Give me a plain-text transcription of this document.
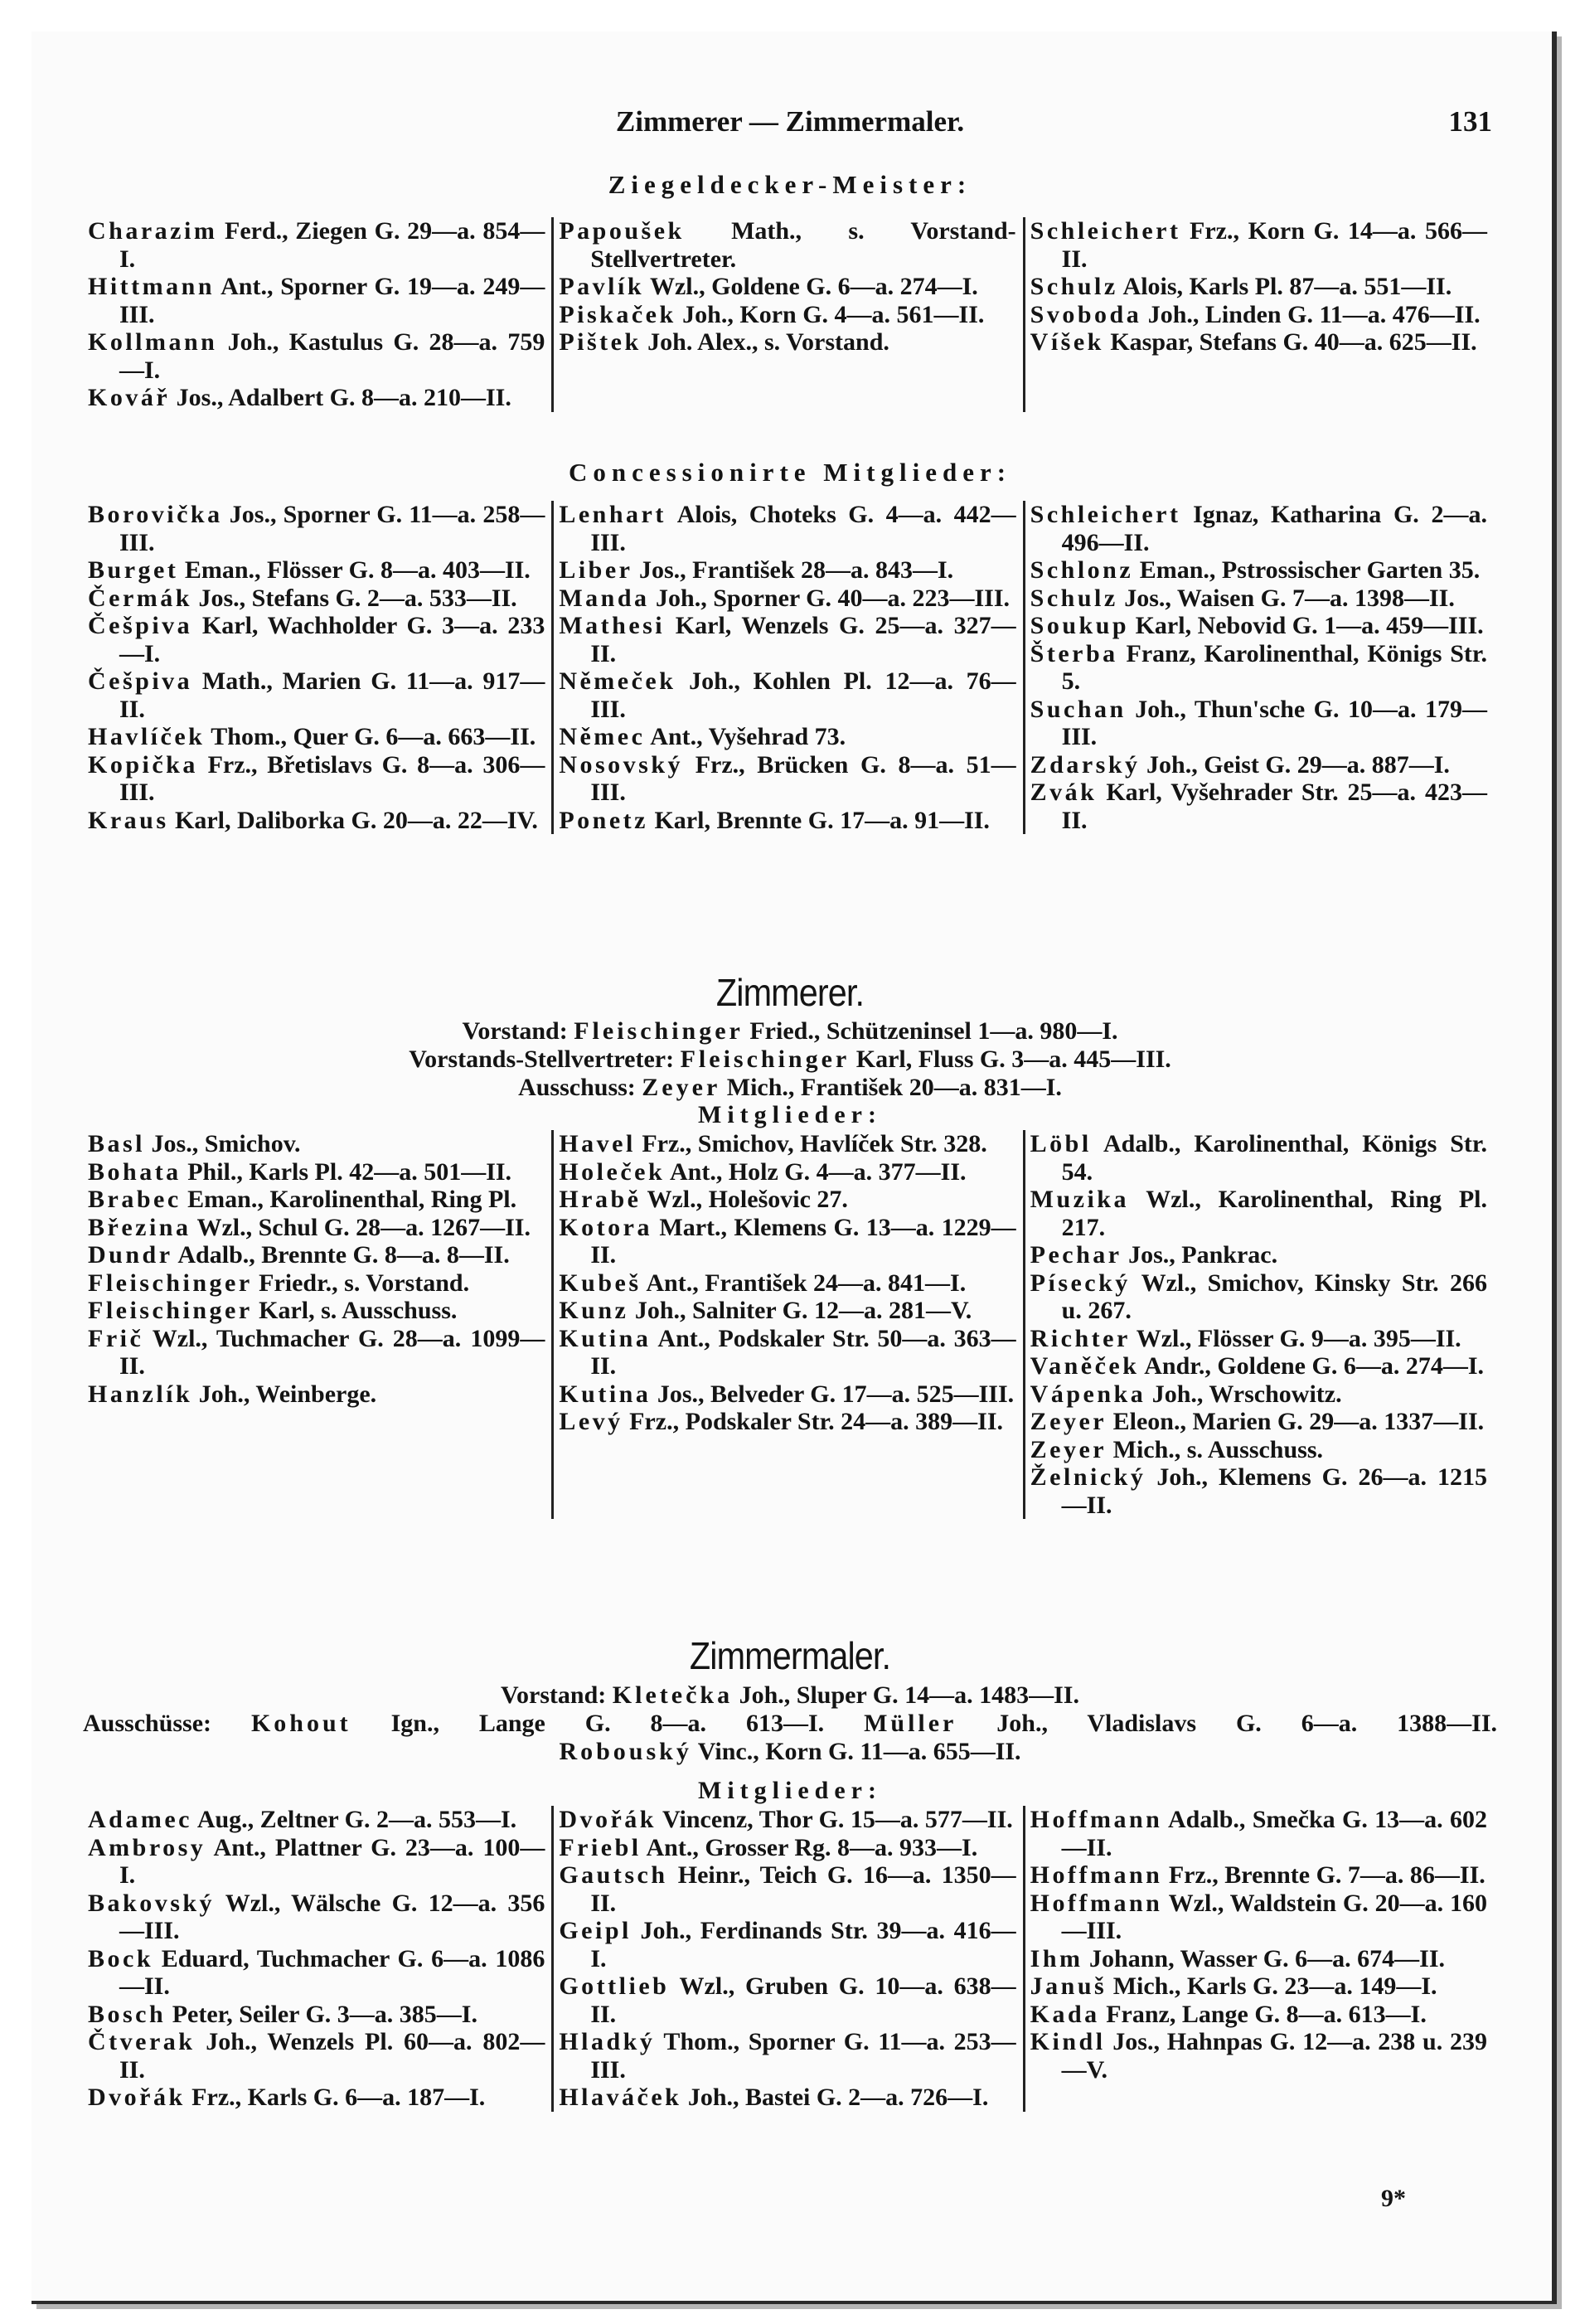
Zimmerer — Zimmermaler.	131
Ziegeldecker-Meister:
Charazim Ferd., Ziegen G. 29—a. 854—I.
Hittmann Ant., Sporner G. 19—a. 249—III.
Kollmann Joh., Kastulus G. 28—a. 759—I.
Kovář Jos., Adalbert G. 8—a. 210—II.
Papoušek Math., s. Vorstand-Stellvertreter.
Pavlík Wzl., Goldene G. 6—a. 274—I.
Piskaček Joh., Korn G. 4—a. 561—II.
Pištek Joh. Alex., s. Vorstand.
Schleichert Frz., Korn G. 14—a. 566—II.
Schulz Alois, Karls Pl. 87—a. 551—II.
Svoboda Joh., Linden G. 11—a. 476—II.
Víšek Kaspar, Stefans G. 40—a. 625—II.
Concessionirte Mitglieder:
Borovička Jos., Sporner G. 11—a. 258—III.
Burget Eman., Flösser G. 8—a. 403—II.
Čermák Jos., Stefans G. 2—a. 533—II.
Češpiva Karl, Wachholder G. 3—a. 233—I.
Češpiva Math., Marien G. 11—a. 917—II.
Havlíček Thom., Quer G. 6—a. 663—II.
Kopička Frz., Břetislavs G. 8—a. 306—III.
Kraus Karl, Daliborka G. 20—a. 22—IV.
Lenhart Alois, Choteks G. 4—a. 442—III.
Liber Jos., František 28—a. 843—I.
Manda Joh., Sporner G. 40—a. 223—III.
Mathesi Karl, Wenzels G. 25—a. 327—II.
Němeček Joh., Kohlen Pl. 12—a. 76—III.
Němec Ant., Vyšehrad 73.
Nosovský Frz., Brücken G. 8—a. 51—III.
Ponetz Karl, Brennte G. 17—a. 91—II.
Schleichert Ignaz, Katharina G. 2—a. 496—II.
Schlonz Eman., Pstrossischer Garten 35.
Schulz Jos., Waisen G. 7—a. 1398—II.
Soukup Karl, Nebovid G. 1—a. 459—III.
Šterba Franz, Karolinenthal, Königs Str. 5.
Suchan Joh., Thun'sche G. 10—a. 179—III.
Zdarský Joh., Geist G. 29—a. 887—I.
Zvák Karl, Vyšehrader Str. 25—a. 423—II.
Zimmerer.
Vorstand: Fleischinger Fried., Schützeninsel 1—a. 980—I.
Vorstands-Stellvertreter: Fleischinger Karl, Fluss G. 3—a. 445—III.
Ausschuss: Zeyer Mich., František 20—a. 831—I.
Mitglieder:
Basl Jos., Smichov.
Bohata Phil., Karls Pl. 42—a. 501—II.
Brabec Eman., Karolinenthal, Ring Pl.
Březina Wzl., Schul G. 28—a. 1267—II.
Dundr Adalb., Brennte G. 8—a. 8—II.
Fleischinger Friedr., s. Vorstand.
Fleischinger Karl, s. Ausschuss.
Frič Wzl., Tuchmacher G. 28—a. 1099—II.
Hanzlík Joh., Weinberge.
Havel Frz., Smichov, Havlíček Str. 328.
Holeček Ant., Holz G. 4—a. 377—II.
Hrabě Wzl., Holešovic 27.
Kotora Mart., Klemens G. 13—a. 1229—II.
Kubeš Ant., František 24—a. 841—I.
Kunz Joh., Salniter G. 12—a. 281—V.
Kutina Ant., Podskaler Str. 50—a. 363—II.
Kutina Jos., Belveder G. 17—a. 525—III.
Levý Frz., Podskaler Str. 24—a. 389—II.
Löbl Adalb., Karolinenthal, Königs Str. 54.
Muzika Wzl., Karolinenthal, Ring Pl. 217.
Pechar Jos., Pankrac.
Písecký Wzl., Smichov, Kinsky Str. 266 u. 267.
Richter Wzl., Flösser G. 9—a. 395—II.
Vaněček Andr., Goldene G. 6—a. 274—I.
Vápenka Joh., Wrschowitz.
Zeyer Eleon., Marien G. 29—a. 1337—II.
Zeyer Mich., s. Ausschuss.
Želnický Joh., Klemens G. 26—a. 1215—II.
Zimmermaler.
Vorstand: Kletečka Joh., Sluper G. 14—a. 1483—II.
Ausschüsse: Kohout Ign., Lange G. 8—a. 613—I. Müller Joh., Vladislavs G. 6—a. 1388—II.
Robouský Vinc., Korn G. 11—a. 655—II.
Mitglieder:
Adamec Aug., Zeltner G. 2—a. 553—I.
Ambrosy Ant., Plattner G. 23—a. 100—I.
Bakovský Wzl., Wälsche G. 12—a. 356—III.
Bock Eduard, Tuchmacher G. 6—a. 1086—II.
Bosch Peter, Seiler G. 3—a. 385—I.
Čtverak Joh., Wenzels Pl. 60—a. 802—II.
Dvořák Frz., Karls G. 6—a. 187—I.
Dvořák Vincenz, Thor G. 15—a. 577—II.
Friebl Ant., Grosser Rg. 8—a. 933—I.
Gautsch Heinr., Teich G. 16—a. 1350—II.
Geipl Joh., Ferdinands Str. 39—a. 416—I.
Gottlieb Wzl., Gruben G. 10—a. 638—II.
Hladký Thom., Sporner G. 11—a. 253—III.
Hlaváček Joh., Bastei G. 2—a. 726—I.
Hoffmann Adalb., Smečka G. 13—a. 602—II.
Hoffmann Frz., Brennte G. 7—a. 86—II.
Hoffmann Wzl., Waldstein G. 20—a. 160—III.
Ihm Johann, Wasser G. 6—a. 674—II.
Januš Mich., Karls G. 23—a. 149—I.
Kada Franz, Lange G. 8—a. 613—I.
Kindl Jos., Hahnpas G. 12—a. 238 u. 239—V.
9*
